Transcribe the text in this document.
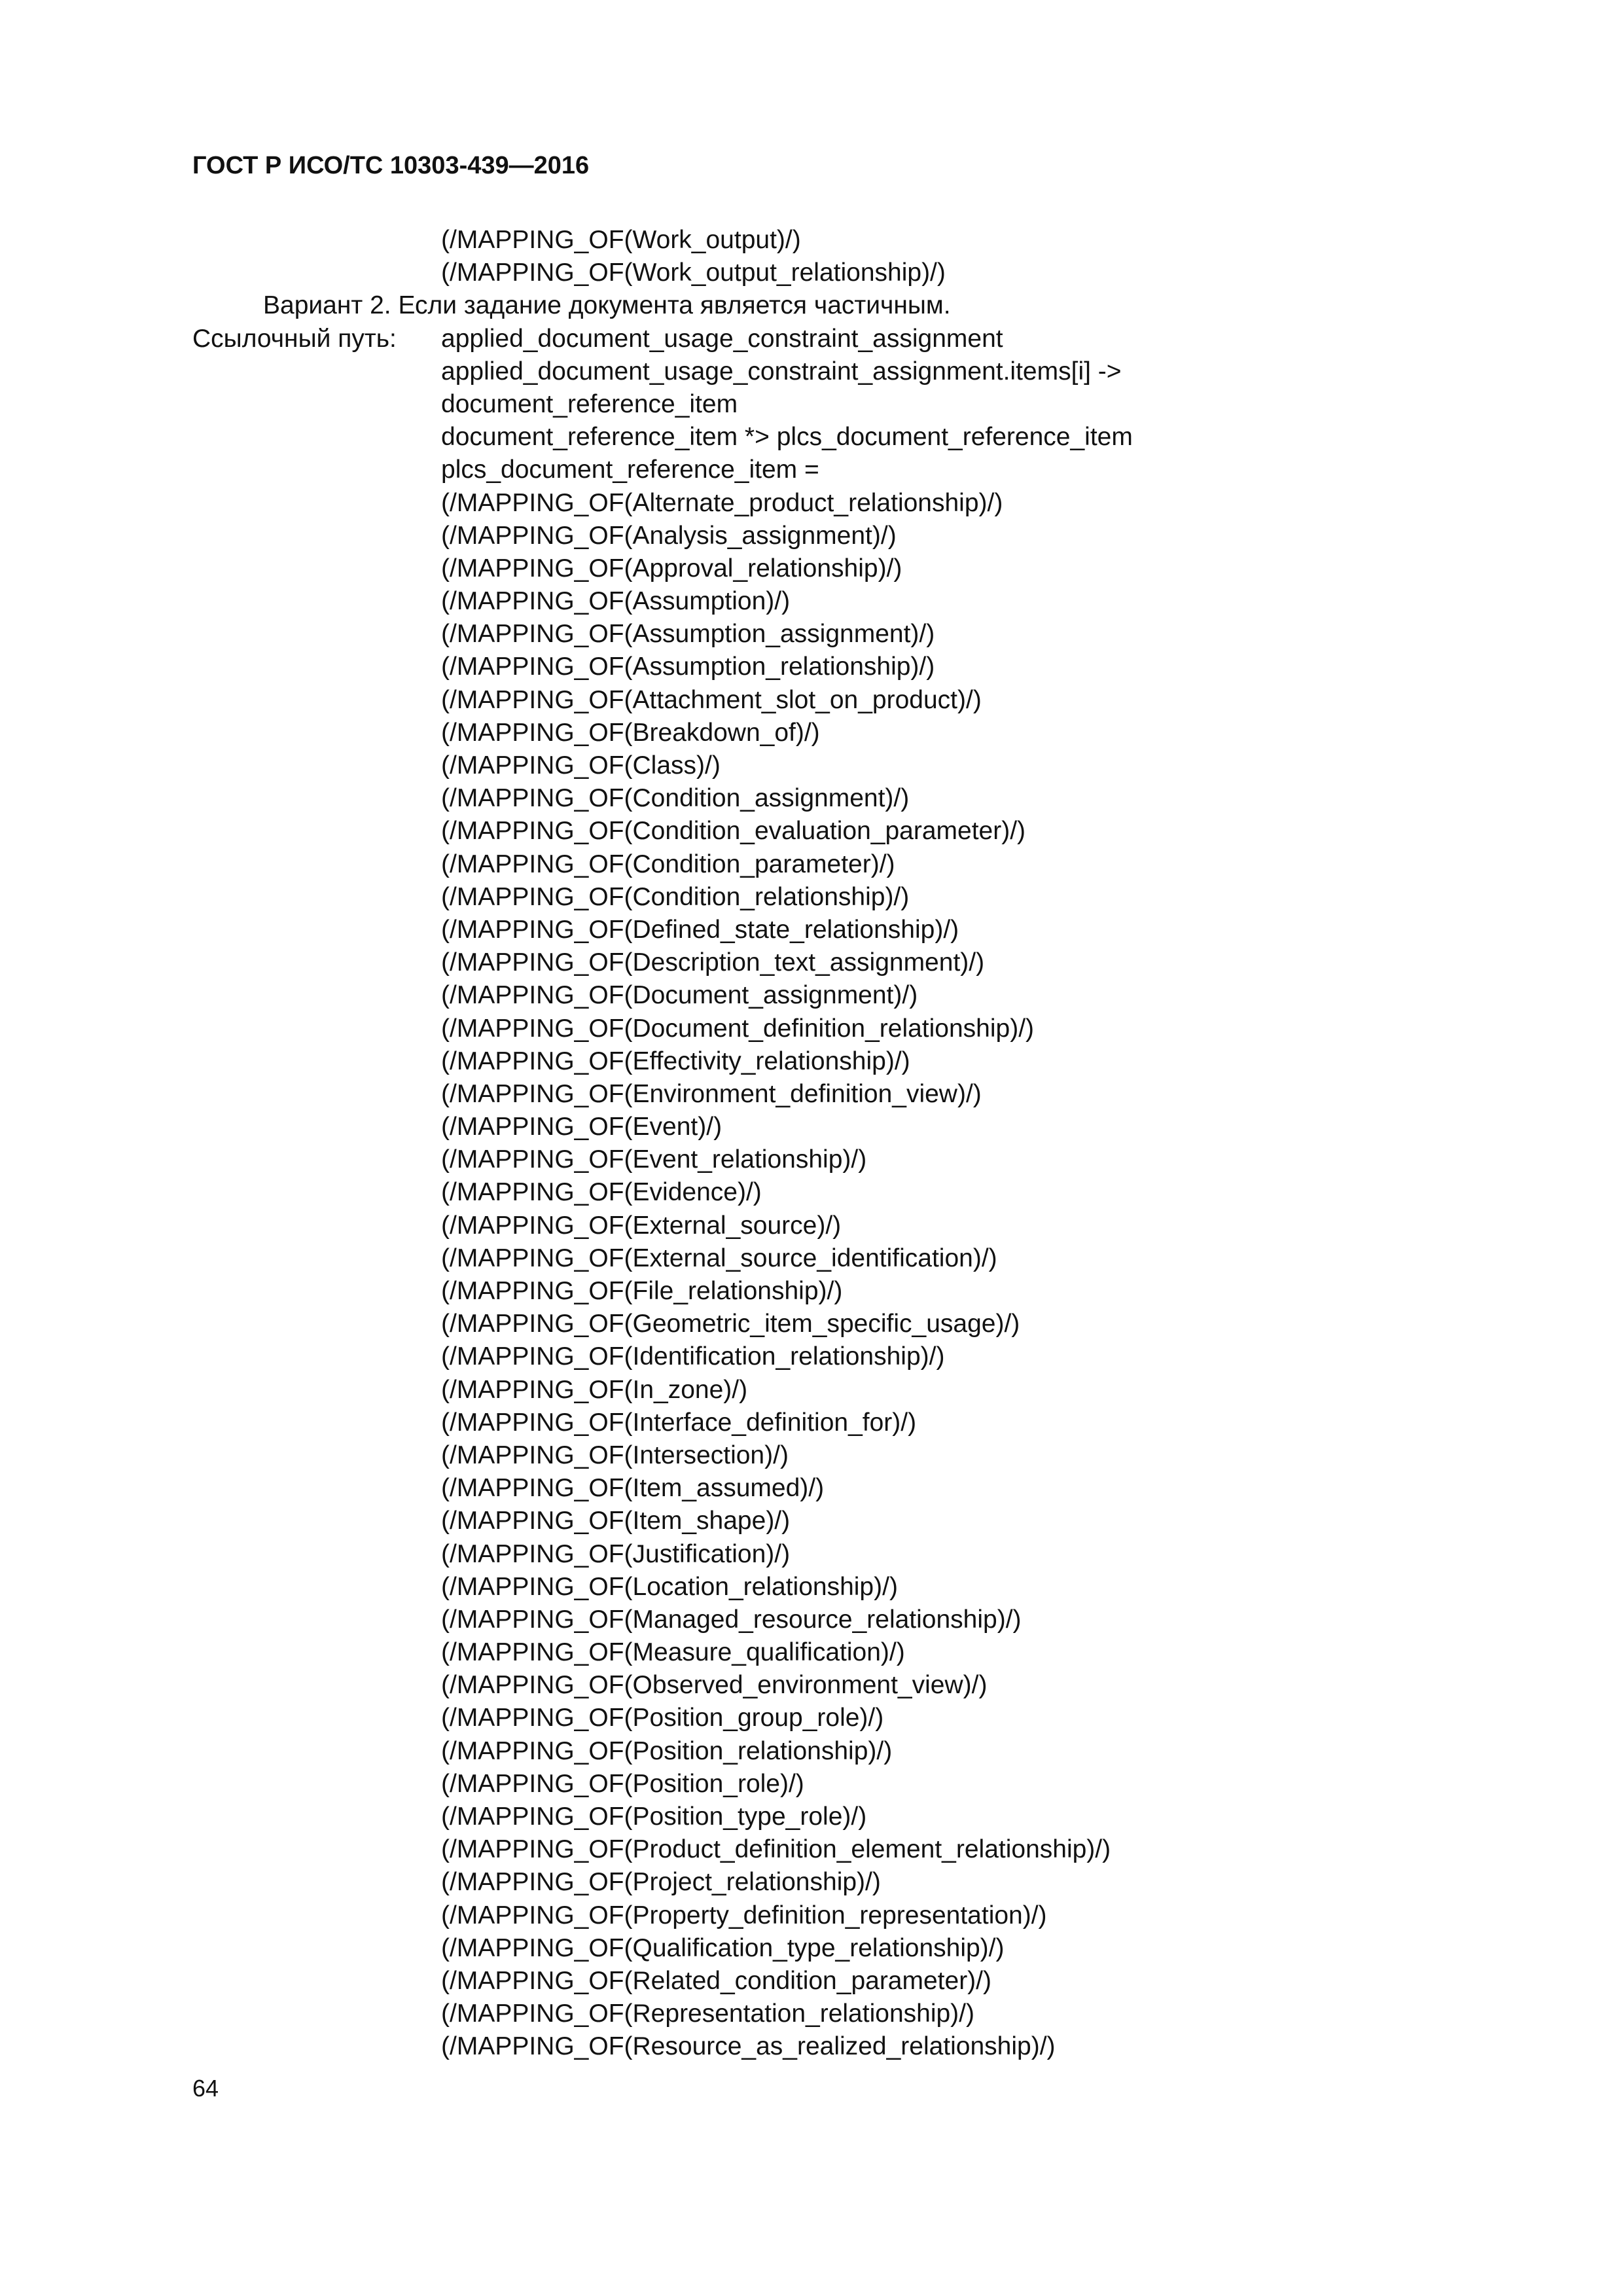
ГОСТ Р ИСО/ТС 10303-439—2016
(/MAPPING_OF(Work_output)/)
(/MAPPING_OF(Work_output_relationship)/)
Вариант 2. Если задание документа является частичным.
Ссылочный путь: applied_document_usage_constraint_assignment
applied_document_usage_constraint_assignment.items[i] ->
document_reference_item
document_reference_item *> plcs_document_reference_item
plcs_document_reference_item =
(/MAPPING_OF(Alternate_product_relationship)/)
(/MAPPING_OF(Analysis_assignment)/)
(/MAPPING_OF(Approval_relationship)/)
(/MAPPING_OF(Assumption)/)
(/MAPPING_OF(Assumption_assignment)/)
(/MAPPING_OF(Assumption_relationship)/)
(/MAPPING_OF(Attachment_slot_on_product)/)
(/MAPPING_OF(Breakdown_of)/)
(/MAPPING_OF(Class)/)
(/MAPPING_OF(Condition_assignment)/)
(/MAPPING_OF(Condition_evaluation_parameter)/)
(/MAPPING_OF(Condition_parameter)/)
(/MAPPING_OF(Condition_relationship)/)
(/MAPPING_OF(Defined_state_relationship)/)
(/MAPPING_OF(Description_text_assignment)/)
(/MAPPING_OF(Document_assignment)/)
(/MAPPING_OF(Document_definition_relationship)/)
(/MAPPING_OF(Effectivity_relationship)/)
(/MAPPING_OF(Environment_definition_view)/)
(/MAPPING_OF(Event)/)
(/MAPPING_OF(Event_relationship)/)
(/MAPPING_OF(Evidence)/)
(/MAPPING_OF(External_source)/)
(/MAPPING_OF(External_source_identification)/)
(/MAPPING_OF(File_relationship)/)
(/MAPPING_OF(Geometric_item_specific_usage)/)
(/MAPPING_OF(Identification_relationship)/)
(/MAPPING_OF(In_zone)/)
(/MAPPING_OF(Interface_definition_for)/)
(/MAPPING_OF(Intersection)/)
(/MAPPING_OF(Item_assumed)/)
(/MAPPING_OF(Item_shape)/)
(/MAPPING_OF(Justification)/)
(/MAPPING_OF(Location_relationship)/)
(/MAPPING_OF(Managed_resource_relationship)/)
(/MAPPING_OF(Measure_qualification)/)
(/MAPPING_OF(Observed_environment_view)/)
(/MAPPING_OF(Position_group_role)/)
(/MAPPING_OF(Position_relationship)/)
(/MAPPING_OF(Position_role)/)
(/MAPPING_OF(Position_type_role)/)
(/MAPPING_OF(Product_definition_element_relationship)/)
(/MAPPING_OF(Project_relationship)/)
(/MAPPING_OF(Property_definition_representation)/)
(/MAPPING_OF(Qualification_type_relationship)/)
(/MAPPING_OF(Related_condition_parameter)/)
(/MAPPING_OF(Representation_relationship)/)
(/MAPPING_OF(Resource_as_realized_relationship)/)
64
